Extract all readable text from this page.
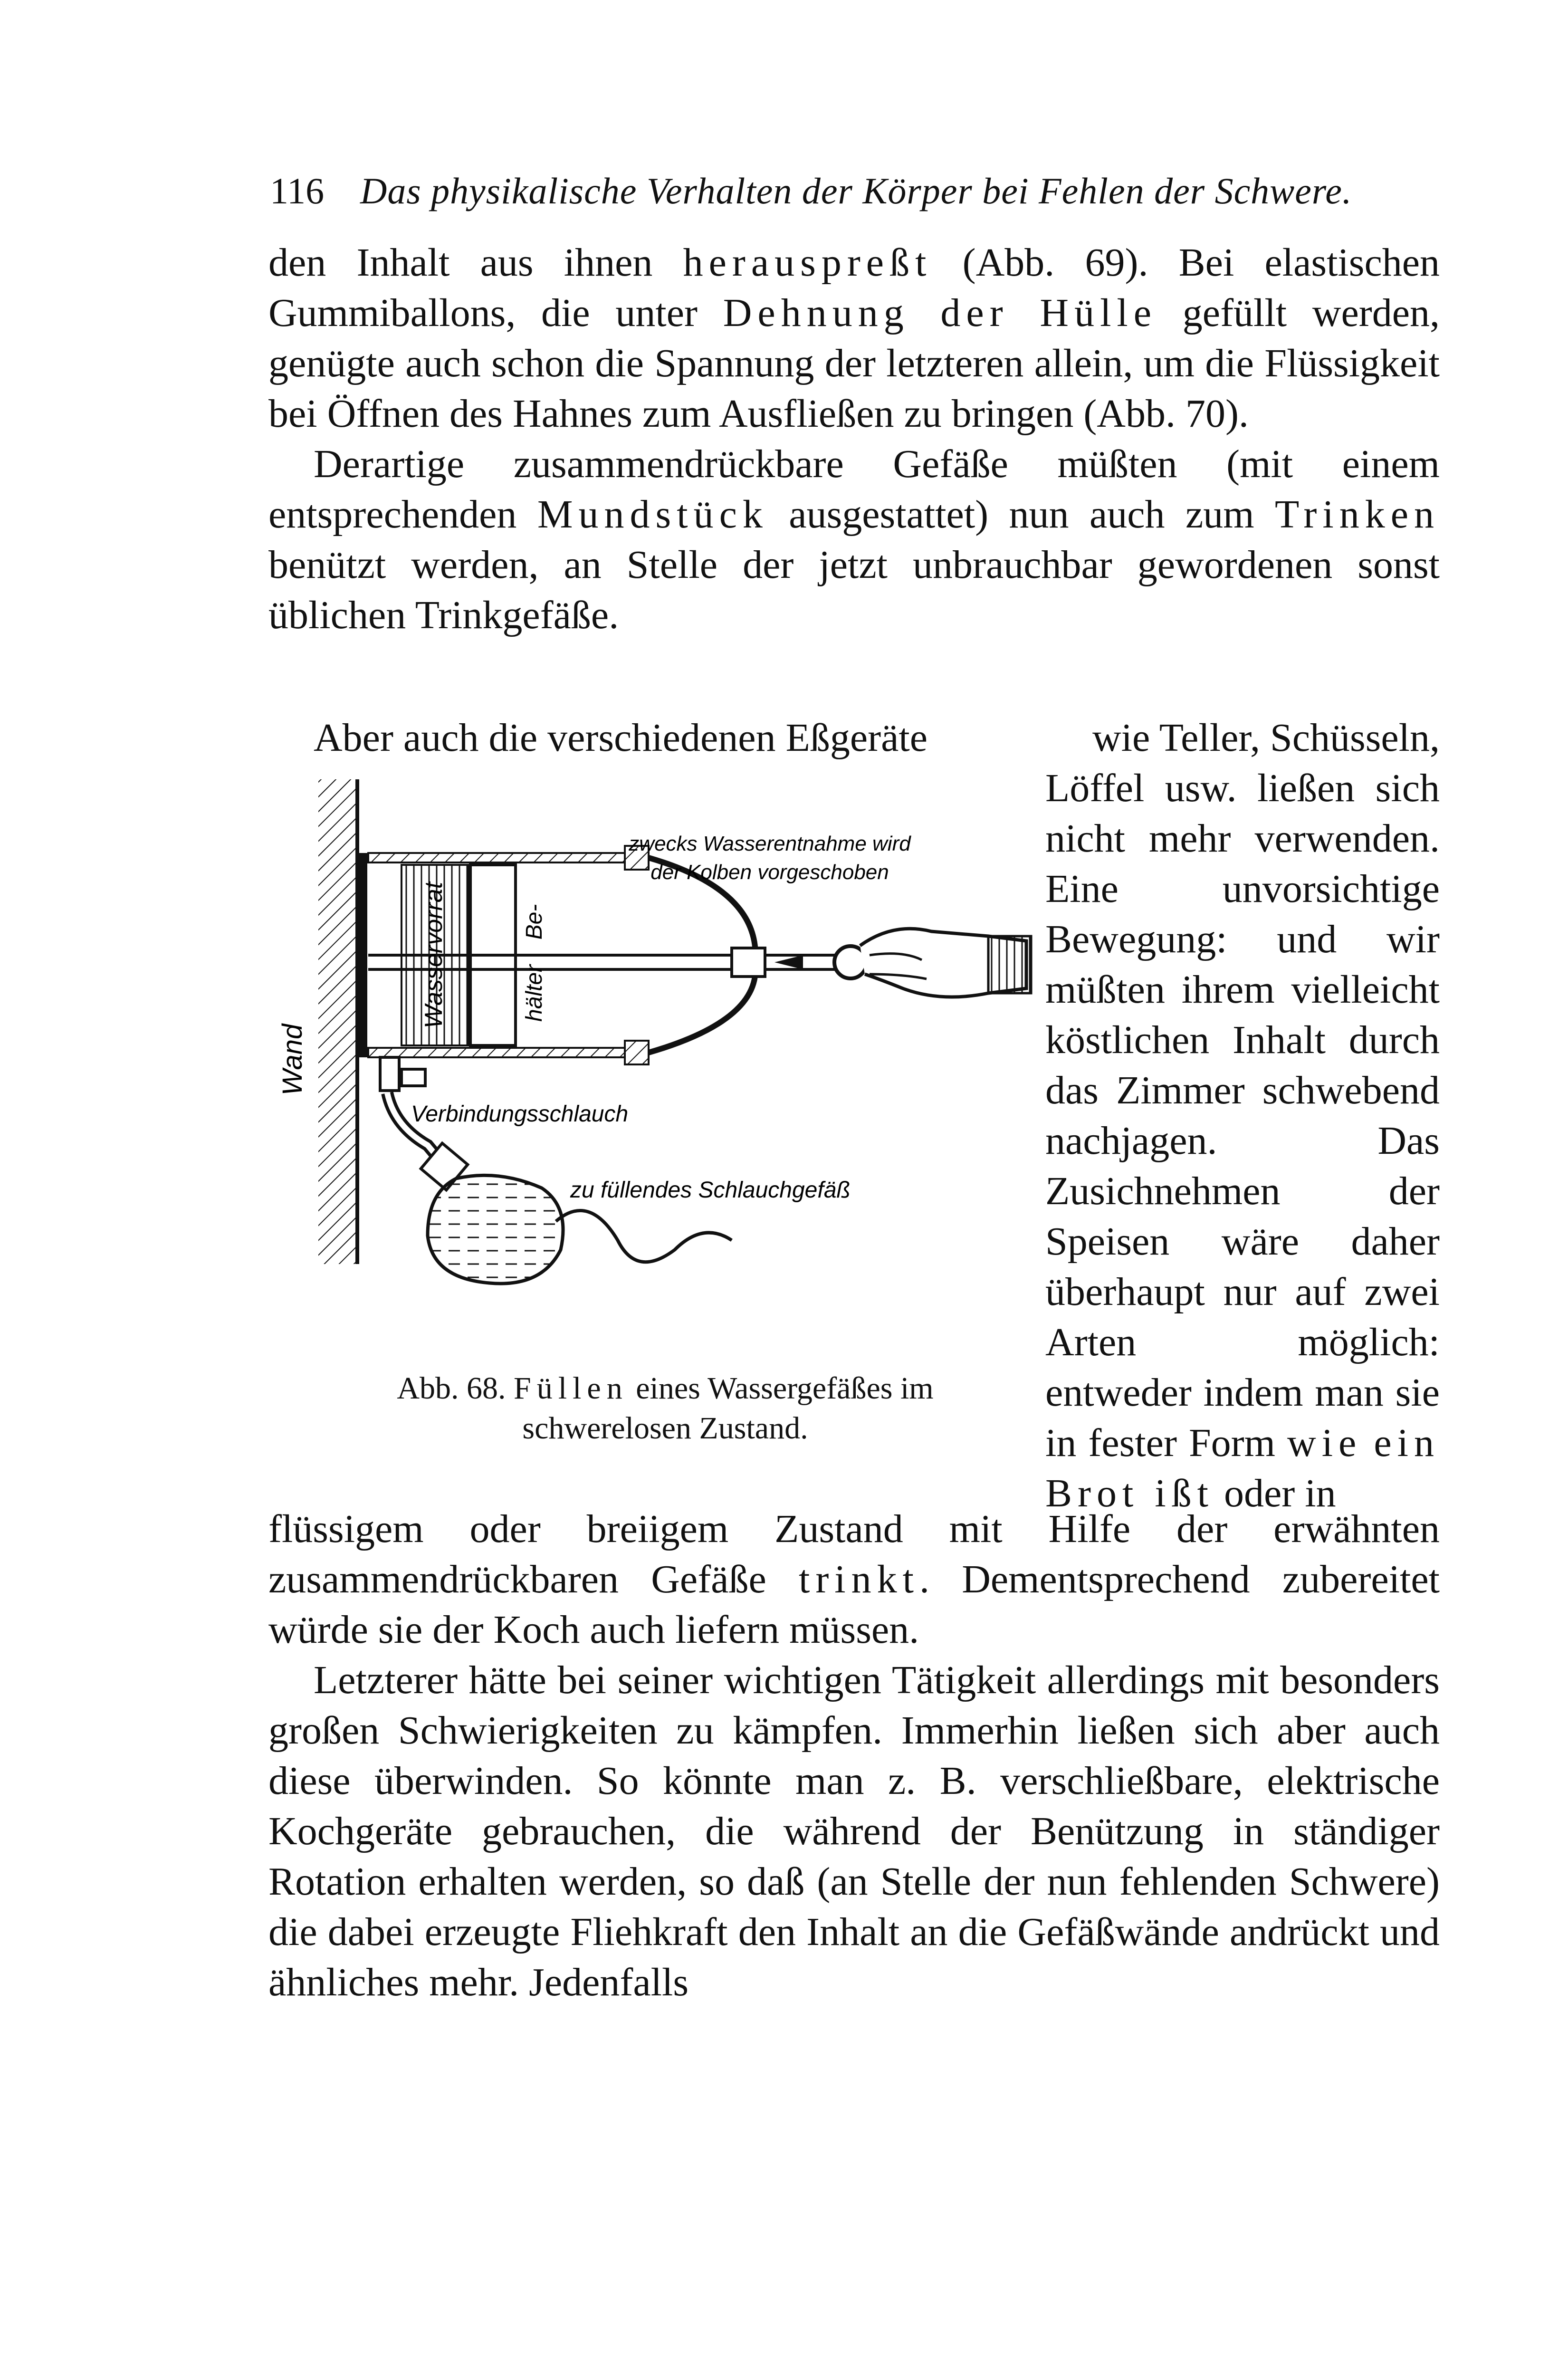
116 Das physikalische Verhalten der Körper bei Fehlen der Schwere.

den Inhalt aus ihnen herauspreßt (Abb. 69). Bei elastischen Gummiballons, die unter Dehnung der Hülle gefüllt werden, genügte auch schon die Spannung der letzteren allein, um die Flüssigkeit bei Öffnen des Hahnes zum Ausfließen zu bringen (Abb. 70).

Derartige zusammendrückbare Gefäße müßten (mit einem entsprechenden Mundstück ausgestattet) nun auch zum Trinken benützt werden, an Stelle der jetzt unbrauchbar gewordenen sonst üblichen Trinkgefäße.

Aber auch die verschiedenen Eßgeräte	wie Teller, Schüsseln,

Löffel usw. ließen sich nicht mehr verwenden. Eine unvorsichtige Bewegung: und wir müßten ihrem vielleicht köstlichen Inhalt durch das Zimmer schwebend nachjagen. Das Zusichnehmen der Speisen wäre daher überhaupt nur auf zwei Arten möglich: entweder indem man sie in fester Form wie ein Brot ißt oder in

Wand
Wasservorrat	Be-
hälter
zwecks Wasserentnahme wird
der Kolben vorgeschoben
Verbindungsschlauch
zu füllendes Schlauchgefäß
Abb. 68. Füllen eines Wassergefäßes im
schwerelosen Zustand.

flüssigem oder breiigem Zustand mit Hilfe der erwähnten zusammendrückbaren Gefäße trinkt. Dementsprechend zubereitet würde sie der Koch auch liefern müssen.

Letzterer hätte bei seiner wichtigen Tätigkeit allerdings mit besonders großen Schwierigkeiten zu kämpfen. Immerhin ließen sich aber auch diese überwinden. So könnte man z. B. verschließbare, elektrische Kochgeräte gebrauchen, die während der Benützung in ständiger Rotation erhalten werden, so daß (an Stelle der nun fehlenden Schwere) die dabei erzeugte Fliehkraft den Inhalt an die Gefäßwände andrückt und ähnliches mehr. Jedenfalls
